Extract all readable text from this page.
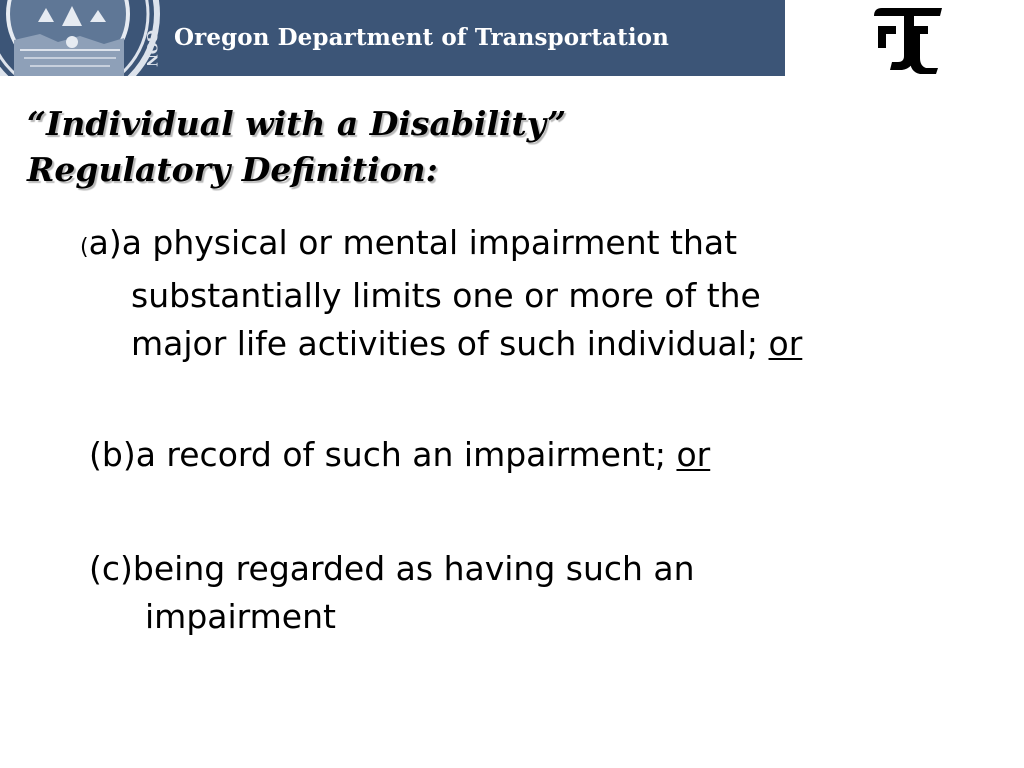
GON Oregon Department of Transportation
“Individual with a Disability”
Regulatory Definition:
(a)a physical or mental impairment that
substantially limits one or more of the
major life activities of such individual; or
(b)a record of such an impairment; or
(c)being regarded as having such an
impairment
